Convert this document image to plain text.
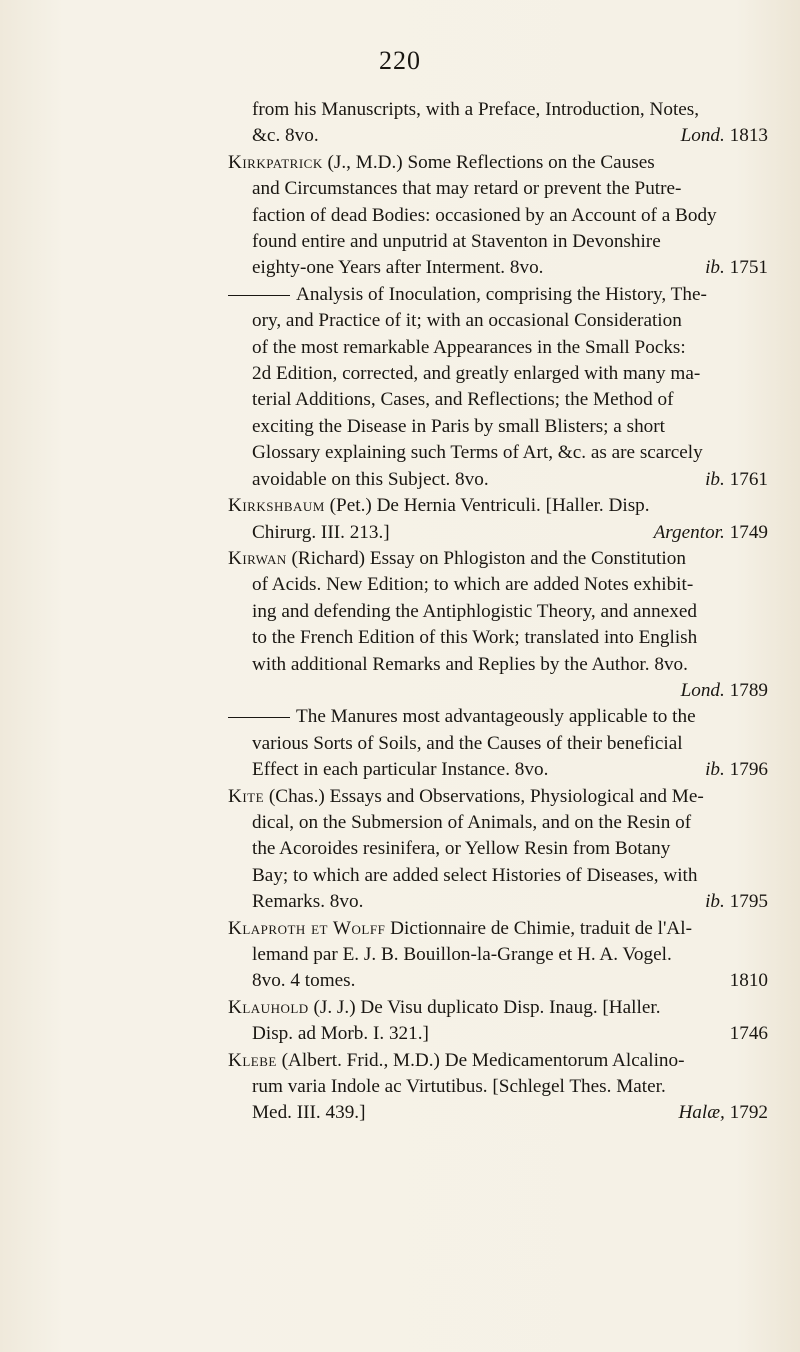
220
from his Manuscripts, with a Preface, Introduction, Notes,
&c. 8vo.	Lond. 1813
Kirkpatrick (J., M.D.) Some Reflections on the Causes
and Circumstances that may retard or prevent the Putre-
faction of dead Bodies: occasioned by an Account of a Body
found entire and unputrid at Staventon in Devonshire
eighty-one Years after Interment. 8vo.	ib. 1751
Analysis of Inoculation, comprising the History, The-
ory, and Practice of it; with an occasional Consideration
of the most remarkable Appearances in the Small Pocks:
2d Edition, corrected, and greatly enlarged with many ma-
terial Additions, Cases, and Reflections; the Method of
exciting the Disease in Paris by small Blisters; a short
Glossary explaining such Terms of Art, &c. as are scarcely
avoidable on this Subject. 8vo.	ib. 1761
Kirkshbaum (Pet.) De Hernia Ventriculi. [Haller. Disp.
Chirurg. III. 213.]	Argentor. 1749
Kirwan (Richard) Essay on Phlogiston and the Constitution
of Acids. New Edition; to which are added Notes exhibit-
ing and defending the Antiphlogistic Theory, and annexed
to the French Edition of this Work; translated into English
with additional Remarks and Replies by the Author. 8vo.
Lond. 1789
The Manures most advantageously applicable to the
various Sorts of Soils, and the Causes of their beneficial
Effect in each particular Instance. 8vo.	ib. 1796
Kite (Chas.) Essays and Observations, Physiological and Me-
dical, on the Submersion of Animals, and on the Resin of
the Acoroides resinifera, or Yellow Resin from Botany
Bay; to which are added select Histories of Diseases, with
Remarks. 8vo.	ib. 1795
Klaproth et Wolff Dictionnaire de Chimie, traduit de l'Al-
lemand par E. J. B. Bouillon-la-Grange et H. A. Vogel.
8vo. 4 tomes.	1810
Klauhold (J. J.) De Visu duplicato Disp. Inaug. [Haller.
Disp. ad Morb. I. 321.]	1746
Klebe (Albert. Frid., M.D.) De Medicamentorum Alcalino-
rum varia Indole ac Virtutibus. [Schlegel Thes. Mater.
Med. III. 439.]	Halæ, 1792
